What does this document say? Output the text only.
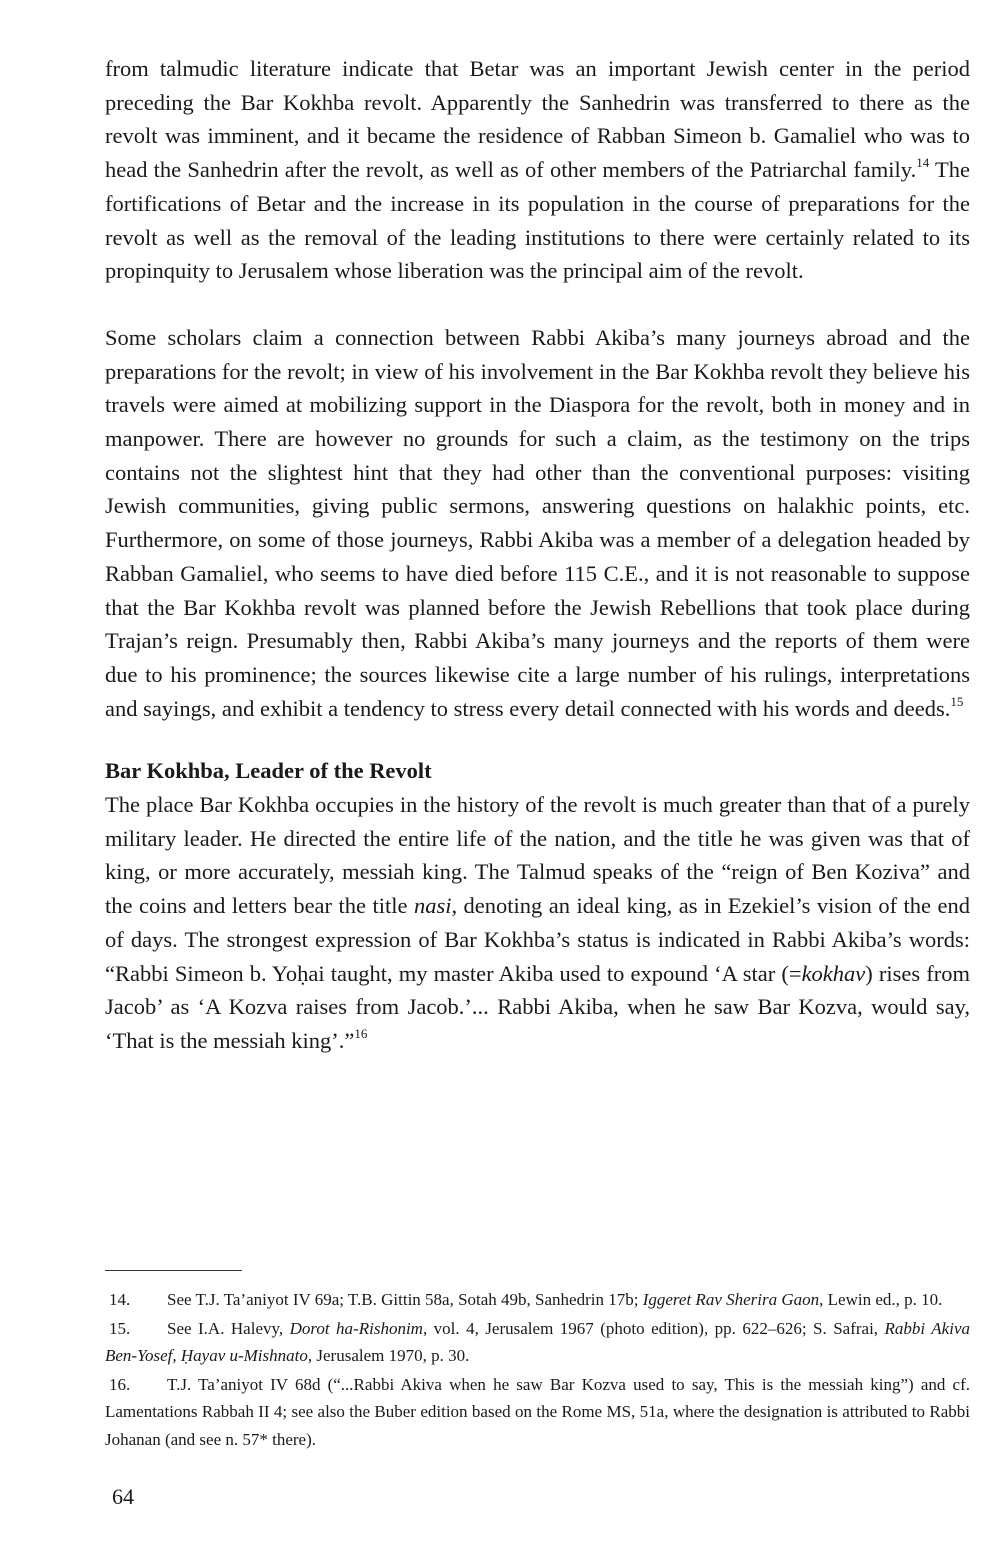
from talmudic literature indicate that Betar was an important Jewish center in the period preceding the Bar Kokhba revolt. Apparently the Sanhedrin was transferred to there as the revolt was imminent, and it became the residence of Rabban Simeon b. Gamaliel who was to head the Sanhedrin after the revolt, as well as of other members of the Patriarchal family.$^{14}$ The fortifications of Betar and the increase in its population in the course of preparations for the revolt as well as the removal of the leading institutions to there were certainly related to its propinquity to Jerusalem whose liberation was the principal aim of the revolt.

Some scholars claim a connection between Rabbi Akiba’s many journeys abroad and the preparations for the revolt; in view of his involvement in the Bar Kokhba revolt they believe his travels were aimed at mobilizing support in the Diaspora for the revolt, both in money and in manpower. There are however no grounds for such a claim, as the testimony on the trips contains not the slightest hint that they had other than the conventional purposes: visiting Jewish communities, giving public sermons, answering questions on halakhic points, etc. Furthermore, on some of those journeys, Rabbi Akiba was a member of a delegation headed by Rabban Gamaliel, who seems to have died before 115 C.E., and it is not reasonable to suppose that the Bar Kokhba revolt was planned before the Jewish Rebellions that took place during Trajan’s reign. Presumably then, Rabbi Akiba’s many journeys and the reports of them were due to his prominence; the sources likewise cite a large number of his rulings, interpretations and sayings, and exhibit a tendency to stress every detail connected with his words and deeds.$^{15}$

Bar Kokhba, Leader of the Revolt

The place Bar Kokhba occupies in the history of the revolt is much greater than that of a purely military leader. He directed the entire life of the nation, and the title he was given was that of king, or more accurately, messiah king. The Talmud speaks of the “reign of Ben Koziva” and the coins and letters bear the title nasi, denoting an ideal king, as in Ezekiel’s vision of the end of days. The strongest expression of Bar Kokhba’s status is indicated in Rabbi Akiba’s words: “Rabbi Simeon b. Yoḥai taught, my master Akiba used to expound ‘A star (=kokhav) rises from Jacob’ as ‘A Kozva raises from Jacob.’... Rabbi Akiba, when he saw Bar Kozva, would say, ‘That is the messiah king’.”$^{16}$

14. See T.J. Ta’aniyot IV 69a; T.B. Gittin 58a, Sotah 49b, Sanhedrin 17b; Iggeret Rav Sherira Gaon, Lewin ed., p. 10.

15. See I.A. Halevy, Dorot ha-Rishonim, vol. 4, Jerusalem 1967 (photo edition), pp. 622–626; S. Safrai, Rabbi Akiva Ben-Yosef, Ḥayav u-Mishnato, Jerusalem 1970, p. 30.

16. T.J. Ta’aniyot IV 68d (“...Rabbi Akiva when he saw Bar Kozva used to say, This is the messiah king”) and cf. Lamentations Rabbah II 4; see also the Buber edition based on the Rome MS, 51a, where the designation is attributed to Rabbi Johanan (and see n. 57* there).

64
